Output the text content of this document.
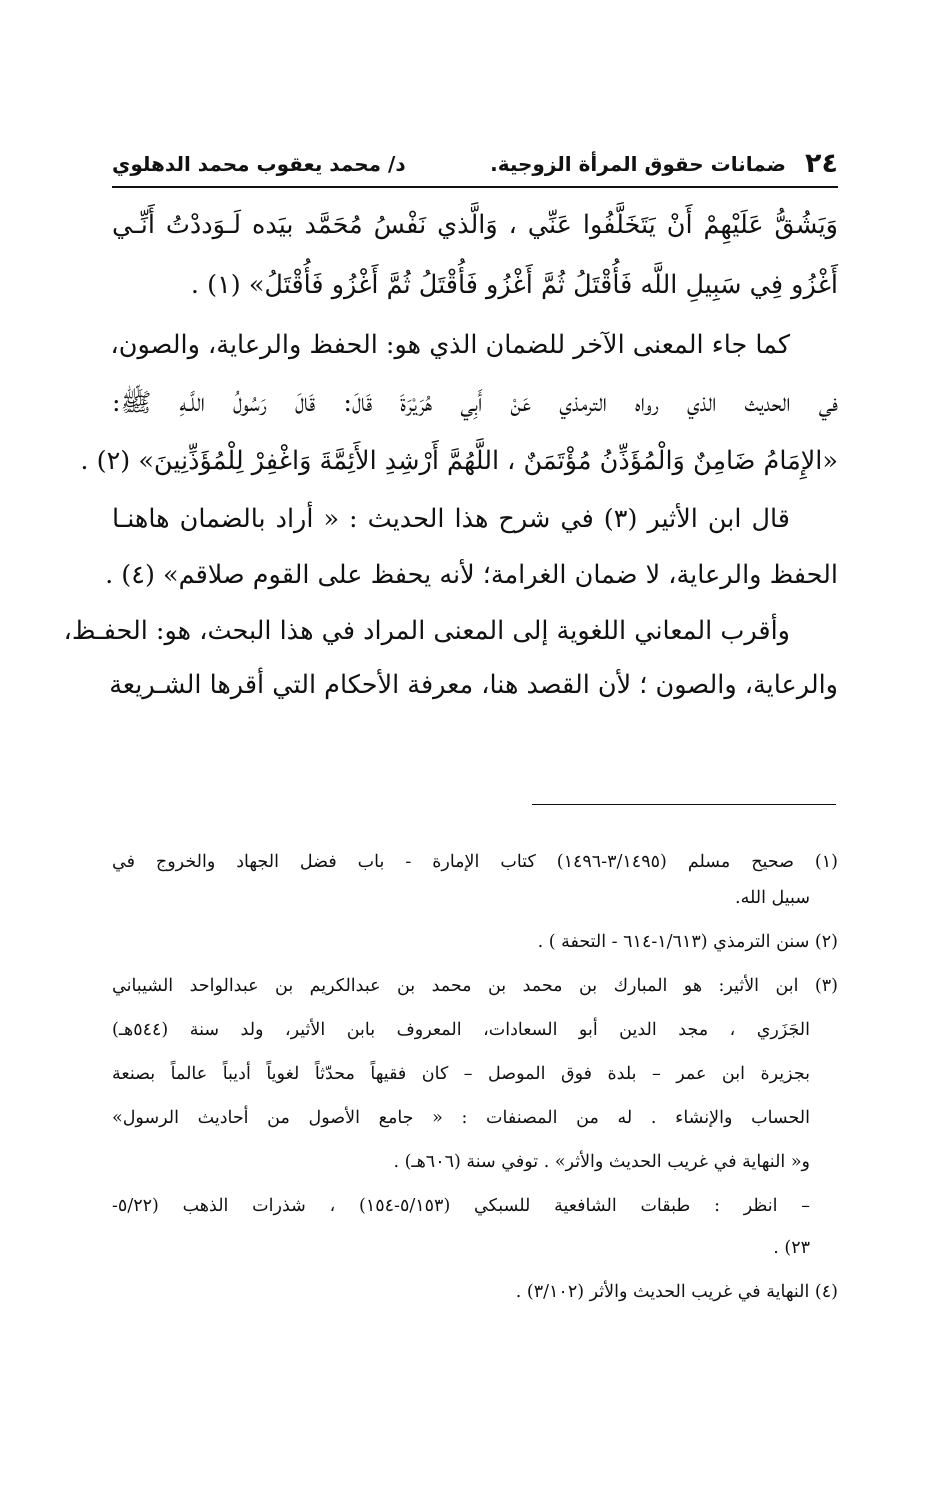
٢٤
ضمانات حقوق المرأة الزوجية.
د/ محمد يعقوب محمد الدهلوي
وَيَشُقُّ عَلَيْهِمْ أَنْ يَتَخَلَّفُوا عَنِّي ، وَالَّذي نَفْسُ مُحَمَّد بيَده لَـوَددْتُ أَنِّـي
أَغْزُو فِي سَبِيلِ اللَّه فَأُقْتَلُ ثُمَّ أَغْزُو فَأُقْتَلُ ثُمَّ أَغْزُو فَأُقْتَلُ» (١) .
كما جاء المعنى الآخر للضمان الذي هو: الحفظ والرعاية، والصون،
في الحديث الذي رواه الترمذي عَنْ أَبِي هُرَيْرَةَ قَالَ: قَالَ رَسُولُ اللَّـهِ ﷺ:
«الإِمَامُ ضَامِنٌ وَالْمُؤَذِّنُ مُؤْتَمَنٌ ، اللَّهُمَّ أَرْشِدِ الأَئِمَّةَ وَاغْفِرْ لِلْمُؤَذِّنِينَ» (٢) .
قال ابن الأثير (٣) في شرح هذا الحديث : « أراد بالضمان هاهنـا
الحفظ والرعاية، لا ضمان الغرامة؛ لأنه يحفظ على القوم صلاقم» (٤) .
وأقرب المعاني اللغوية إلى المعنى المراد في هذا البحث، هو: الحفـظ،
والرعاية، والصون ؛ لأن القصد هنا، معرفة الأحكام التي أقرها الشـريعة
(١) صحيح مسلم (٣/١٤٩٥-١٤٩٦) كتاب الإمارة - باب فضل الجهاد والخروج في
سبيل الله.
(٢) سنن الترمذي (١/٦١٣-٦١٤ - التحفة ) .
(٣) ابن الأثير: هو المبارك بن محمد بن محمد بن عبدالكريم بن عبدالواحد الشيباني
الجَزَري ، مجد الدين أبو السعادات، المعروف بابن الأثير، ولد سنة (٥٤٤هـ)
بجزيرة ابن عمر – بلدة فوق الموصل – كان فقيهاً محدّثاً لغوياً أديباً عالماً بصنعة
الحساب والإنشاء . له من المصنفات : « جامع الأصول من أحاديث الرسول»
و« النهاية في غريب الحديث والأثر» . توفي سنة (٦٠٦هـ) .
– انظر : طبقات الشافعية للسبكي (٥/١٥٣-١٥٤) ، شذرات الذهب (٥/٢٢-
٢٣) .
(٤) النهاية في غريب الحديث والأثر (٣/١٠٢) .
